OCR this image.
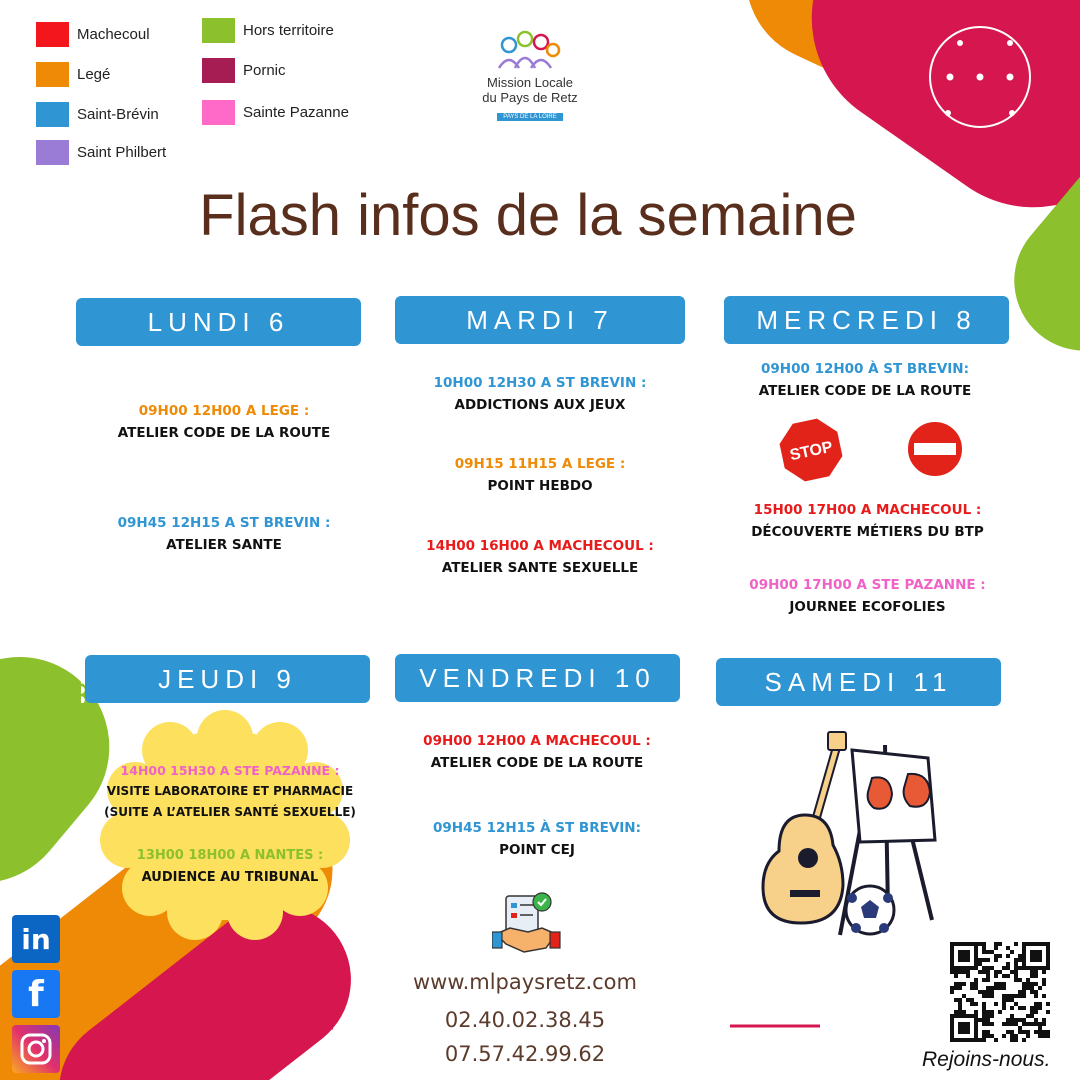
Machecoul
Legé
Saint-Brévin
Saint Philbert
Hors territoire
Pornic
Sainte Pazanne
Mission Locale
du Pays de Retz
PAYS DE LA LOIRE
Flash infos de la semaine
LUNDI 6	MARDI 7	MERCREDI 8
JEUDI 9	VENDREDI 10	SAMEDI 11
09H00 12H00 A LEGE :
ATELIER CODE DE LA ROUTE
09H45 12H15 A ST BREVIN :
ATELIER SANTE
10H00 12H30 A ST BREVIN :
ADDICTIONS AUX JEUX
09H15 11H15 A LEGE :
POINT HEBDO
14H00 16H00 A MACHECOUL :
ATELIER SANTE SEXUELLE
09H00 12H00 À ST BREVIN:
ATELIER CODE DE LA ROUTE
STOP
15H00 17H00 A MACHECOUL :
DÉCOUVERTE MÉTIERS DU BTP
09H00 17H00 A STE PAZANNE :
JOURNEE ECOFOLIES
14H00 15H30 A STE PAZANNE :
VISITE LABORATOIRE ET PHARMACIE
(SUITE A L’ATELIER SANTÉ SEXUELLE)
13H00 18H00 A NANTES :
AUDIENCE AU TRIBUNAL
09H00 12H00 A MACHECOUL :
ATELIER CODE DE LA ROUTE
09H45 12H15 À ST BREVIN:
POINT CEJ
www.mlpaysretz.com
02.40.02.38.45
07.57.42.99.62
in
f
Rejoins-nous.
